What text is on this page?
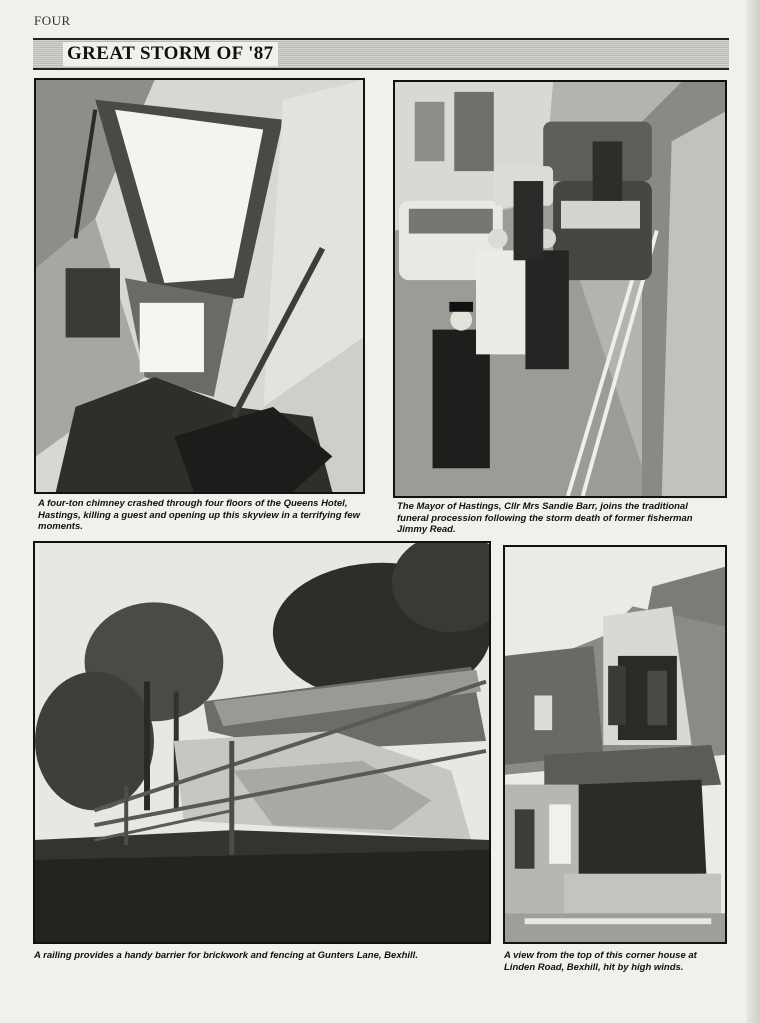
FOUR
GREAT STORM OF '87
A four-ton chimney crashed through four floors of the Queens Hotel, Hastings, killing a guest and opening up this skyview in a terrifying few moments.
The Mayor of Hastings, Cllr Mrs Sandie Barr, joins the traditional funeral procession following the storm death of former fisherman Jimmy Read.
A railing provides a handy barrier for brickwork and fencing at Gunters Lane, Bexhill.	A view from the top of this corner house at Linden Road, Bexhill, hit by high winds.
